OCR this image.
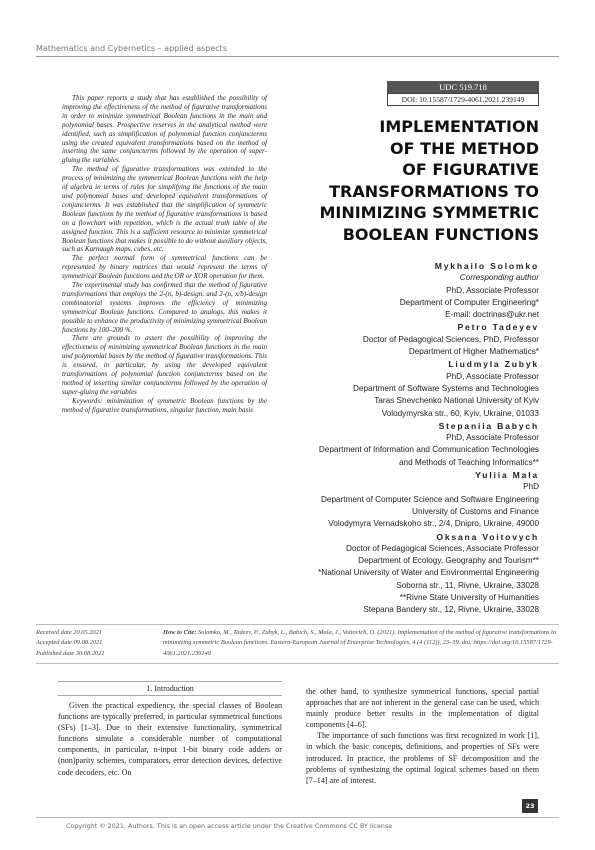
Mathematics and Cybernetics – applied aspects

This paper reports a study that has established the possibility of improving the effectiveness of the method of figurative transformations in order to minimize symmetrical Boolean functions in the main and polynomial bases. Prospective reserves in the analytical method were identified, such as simplification of polynomial function conjuncterms using the created equivalent transformations based on the method of inserting the same conjuncterms followed by the operation of super-gluing the variables.

The method of figurative transformations was extended to the process of minimizing the symmetrical Boolean functions with the help of algebra in terms of rules for simplifying the functions of the main and polynomial bases and developed equivalent transformations of conjuncterms. It was established that the simplification of symmetric Boolean functions by the method of figurative transformations is based on a flowchart with repetition, which is the actual truth table of the assigned function. This is a sufficient resource to minimize symmetrical Boolean functions that makes it possible to do without auxiliary objects, such as Karnaugh maps, cubes, etc.

The perfect normal form of symmetrical functions can be represented by binary matrices that would represent the terms of symmetrical Boolean functions and the OR or XOR operation for them.

The experimental study has confirmed that the method of figurative transformations that employs the 2-(n, b)-design, and 2-(n, x/b)-design combinatorial systems improves the efficiency of minimizing symmetrical Boolean functions. Compared to analogs, this makes it possible to enhance the productivity of minimizing symmetrical Boolean functions by 100–200 %.

There are grounds to assert the possibility of improving the effectiveness of minimizing symmetrical Boolean functions in the main and polynomial bases by the method of figurative transformations. This is ensured, in particular, by using the developed equivalent transformations of polynomial function conjuncterms based on the method of inserting similar conjuncterms followed by the operation of super-gluing the variables

Keywords: minimization of symmetric Boolean functions by the method of figurative transformations, singular function, main basis

UDC 519.718
DOI: 10.15587/1729-4061.2021.239149
IMPLEMENTATION
OF THE METHOD
OF FIGURATIVE
TRANSFORMATIONS TO
MINIMIZING SYMMETRIC
BOOLEAN FUNCTIONS
Mykhailo Solomko
Corresponding author
PhD, Associate Professor
Department of Computer Engineering*
E-mail: doctrinas@ukr.net
Petro Tadeyev
Doctor of Pedagogical Sciences, PhD, Professor
Department of Higher Mathematics*
Liudmyla Zubyk
PhD, Associate Professor
Department of Software Systems and Technologies
Taras Shevchenko National University of Kyiv
Volodymyrska str., 60, Kyiv, Ukraine, 01033
Stepaniia Babych
PhD, Associate Professor
Department of Information and Communication Technologies
and Methods of Teaching Informatics**
Yuliia Mala
PhD
Department of Computer Science and Software Engineering
University of Customs and Finance
Volodymyra Vernadskoho str., 2/4, Dnipro, Ukraine, 49000
Oksana Voitovych
Doctor of Pedagogical Sciences, Associate Professor
Department of Ecology, Geography and Tourism**
*National University of Water and Environmental Engineering
Soborna str., 11, Rivne, Ukraine, 33028
**Rivne State University of Humanities
Stepana Bandery str., 12, Rivne, Ukraine, 33028
Received date 20.05.2021
Accepted date 09.08.2021
Published date 30.08.2021
How to Cite: Solomko, M., Tadeev, P., Zubyk, L., Babich, S., Mala, J., Voitovich, O. (2021). Implementation of the method of figurative transformations to minimizing symmetric Boolean functions. Eastern-European Journal of Enterprise Technologies, 4 (4 (112)), 23–39. doi: https://doi.org/10.15587/1729-4061.2021.239149
1. Introduction

Given the practical expediency, the special classes of Boolean functions are typically preferred, in particular symmetrical functions (SFs) [1–3]. Due to their extensive functionality, symmetrical functions simulate a considerable number of computational components, in particular, n-input 1-bit binary code adders or (non)parity schemes, comparators, error detection devices, defective code decoders, etc. On

the other hand, to synthesize symmetrical functions, special partial approaches that are not inherent in the general case can be used, which mainly produce better results in the implementation of digital components [4–6].

The importance of such functions was first recognized in work [1], in which the basic concepts, definitions, and properties of SFs were introduced. In practice, the problems of SF decomposition and the problems of synthesizing the optimal logical schemes based on them [7–14] are of interest.

23
Copyright © 2021, Authors. This is an open access article under the Creative Commons CC BY license
